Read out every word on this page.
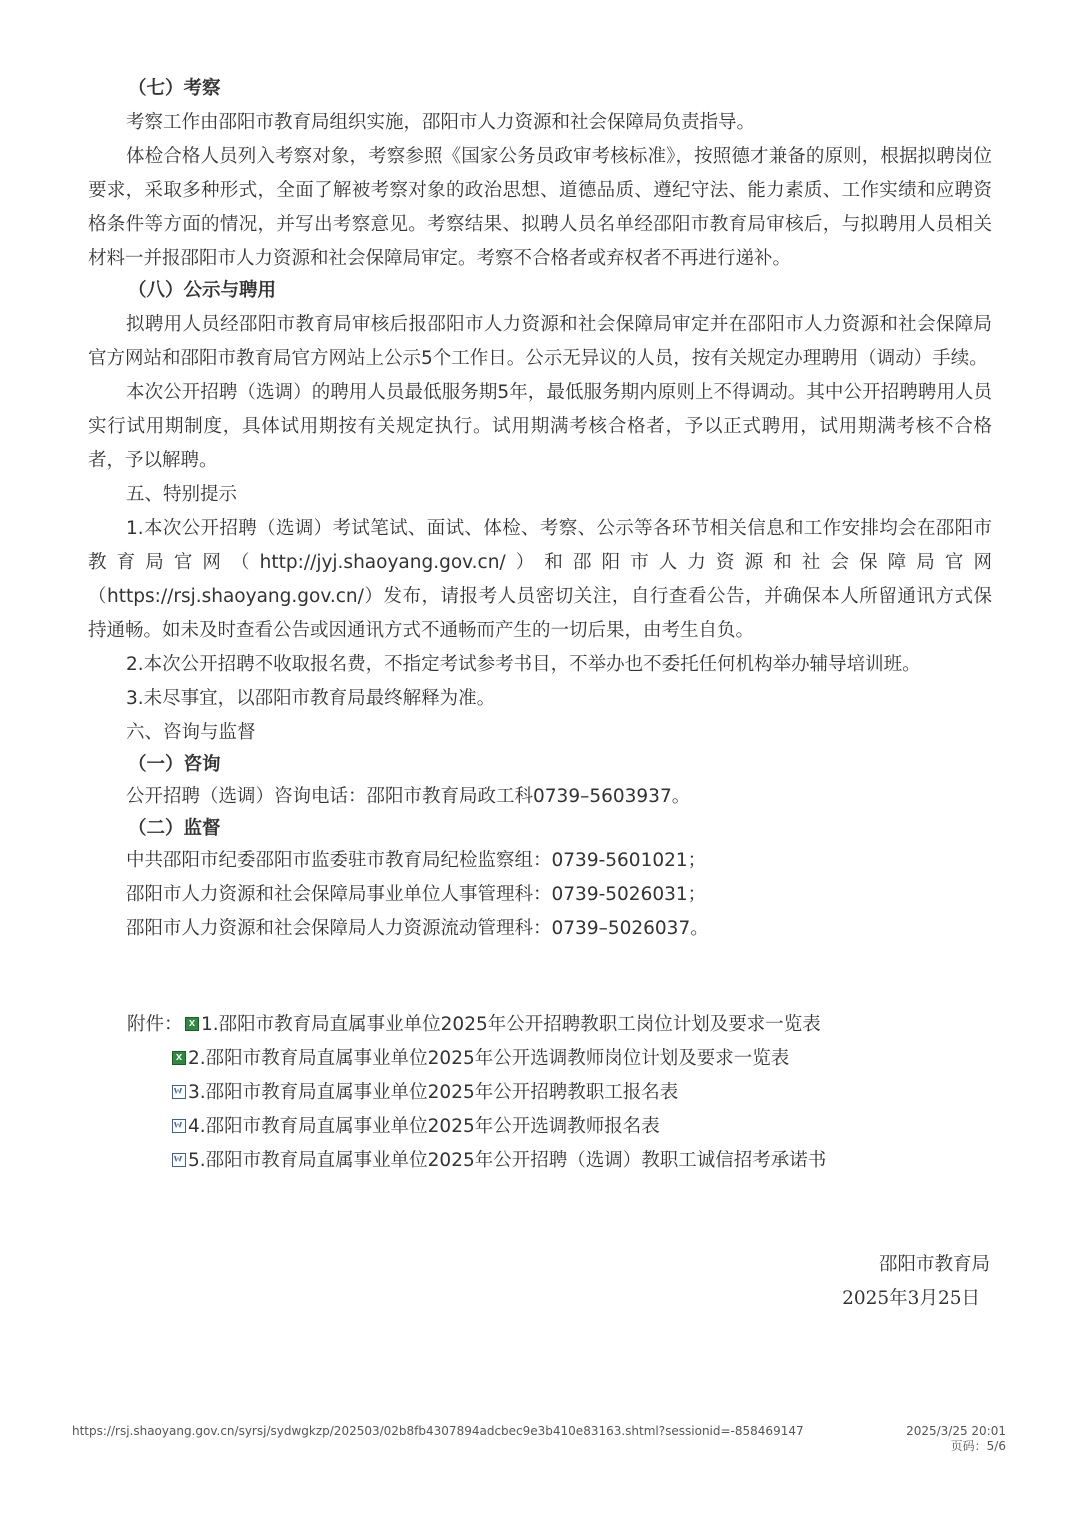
（七）考察

考察工作由邵阳市教育局组织实施，邵阳市人力资源和社会保障局负责指导。

体检合格人员列入考察对象，考察参照《国家公务员政审考核标准》，按照德才兼备的原则，根据拟聘岗位要求，采取多种形式，全面了解被考察对象的政治思想、道德品质、遵纪守法、能力素质、工作实绩和应聘资格条件等方面的情况，并写出考察意见。考察结果、拟聘人员名单经邵阳市教育局审核后，与拟聘用人员相关材料一并报邵阳市人力资源和社会保障局审定。考察不合格者或弃权者不再进行递补。

（八）公示与聘用

拟聘用人员经邵阳市教育局审核后报邵阳市人力资源和社会保障局审定并在邵阳市人力资源和社会保障局官方网站和邵阳市教育局官方网站上公示5个工作日。公示无异议的人员，按有关规定办理聘用（调动）手续。

本次公开招聘（选调）的聘用人员最低服务期5年，最低服务期内原则上不得调动。其中公开招聘聘用人员实行试用期制度，具体试用期按有关规定执行。试用期满考核合格者，予以正式聘用，试用期满考核不合格者，予以解聘。

五、特别提示

1.本次公开招聘（选调）考试笔试、面试、体检、考察、公示等各环节相关信息和工作安排均会在邵阳市教育局官网（http://jyj.shaoyang.gov.cn/）和邵阳市人力资源和社会保障局官网（https://rsj.shaoyang.gov.cn/）发布，请报考人员密切关注，自行查看公告，并确保本人所留通讯方式保持通畅。如未及时查看公告或因通讯方式不通畅而产生的一切后果，由考生自负。

2.本次公开招聘不收取报名费，不指定考试参考书目，不举办也不委托任何机构举办辅导培训班。

3.未尽事宜，以邵阳市教育局最终解释为准。

六、咨询与监督

（一）咨询

公开招聘（选调）咨询电话：邵阳市教育局政工科0739–5603937。

（二）监督

中共邵阳市纪委邵阳市监委驻市教育局纪检监察组：0739-5601021；

邵阳市人力资源和社会保障局事业单位人事管理科：0739-5026031；

邵阳市人力资源和社会保障局人力资源流动管理科：0739–5026037。

附件： 1.邵阳市教育局直属事业单位2025年公开招聘教职工岗位计划及要求一览表
2.邵阳市教育局直属事业单位2025年公开选调教师岗位计划及要求一览表
3.邵阳市教育局直属事业单位2025年公开招聘教职工报名表
4.邵阳市教育局直属事业单位2025年公开选调教师报名表
5.邵阳市教育局直属事业单位2025年公开招聘（选调）教职工诚信招考承诺书
邵阳市教育局
2025年3月25日
https://rsj.shaoyang.gov.cn/syrsj/sydwgkzp/202503/02b8fb4307894adcbec9e3b410e83163.shtml?sessionid=-858469147	2025/3/25 20:01
页码：5/6
